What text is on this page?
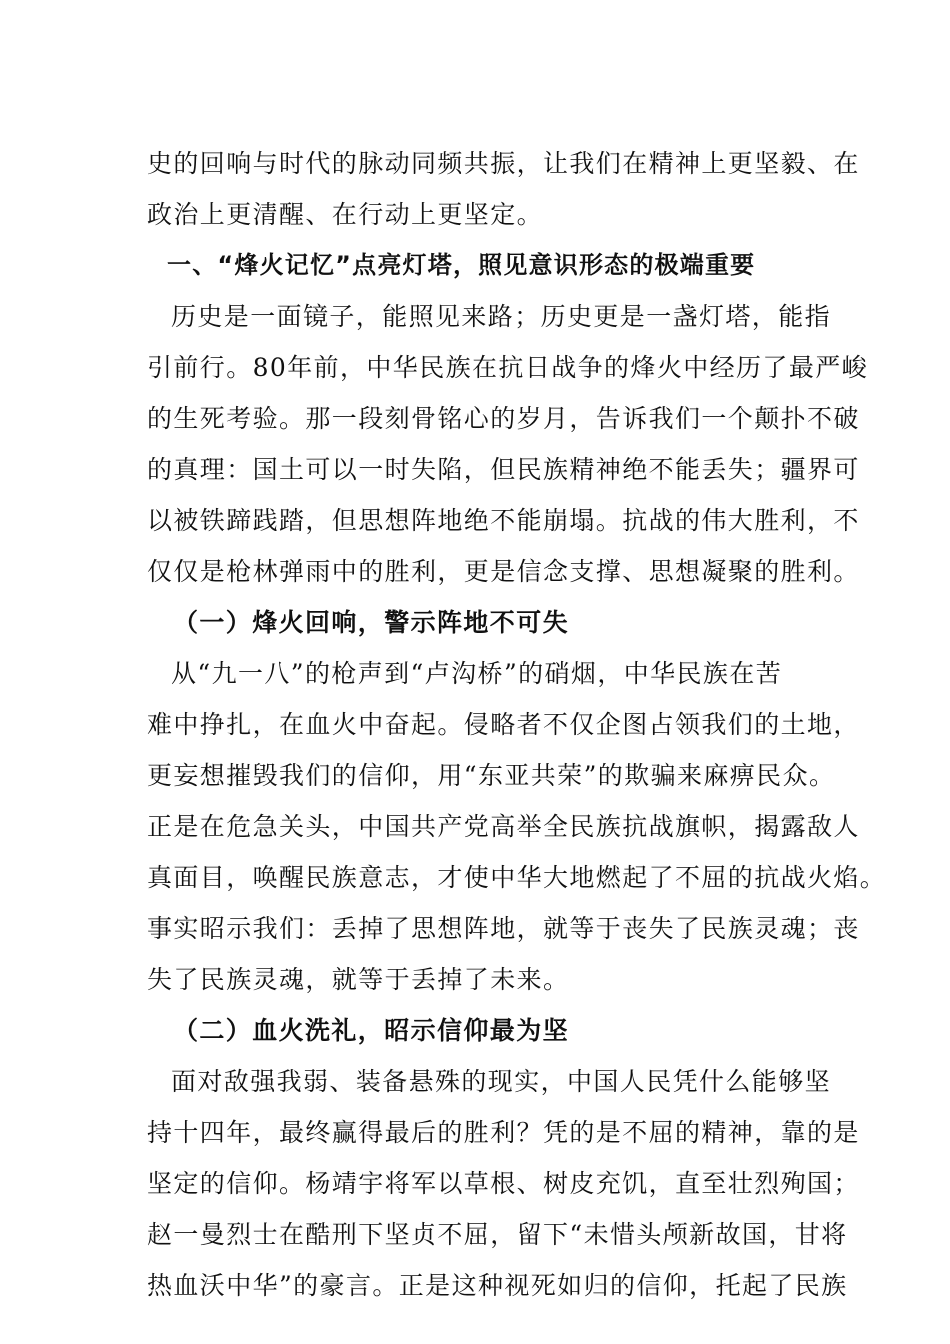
史的回响与时代的脉动同频共振，让我们在精神上更坚毅、在
政治上更清醒、在行动上更坚定。
一、“烽火记忆”点亮灯塔，照见意识形态的极端重要
历史是一面镜子，能照见来路；历史更是一盏灯塔，能指
引前行。80年前，中华民族在抗日战争的烽火中经历了最严峻
的生死考验。那一段刻骨铭心的岁月，告诉我们一个颠扑不破
的真理：国土可以一时失陷，但民族精神绝不能丢失；疆界可
以被铁蹄践踏，但思想阵地绝不能崩塌。抗战的伟大胜利，不
仅仅是枪林弹雨中的胜利，更是信念支撑、思想凝聚的胜利。
（一）烽火回响，警示阵地不可失
从“九一八”的枪声到“卢沟桥”的硝烟，中华民族在苦
难中挣扎，在血火中奋起。侵略者不仅企图占领我们的土地，
更妄想摧毁我们的信仰，用“东亚共荣”的欺骗来麻痹民众。
正是在危急关头，中国共产党高举全民族抗战旗帜，揭露敌人
真面目，唤醒民族意志，才使中华大地燃起了不屈的抗战火焰。
事实昭示我们：丢掉了思想阵地，就等于丧失了民族灵魂；丧
失了民族灵魂，就等于丢掉了未来。
（二）血火洗礼，昭示信仰最为坚
面对敌强我弱、装备悬殊的现实，中国人民凭什么能够坚
持十四年，最终赢得最后的胜利？凭的是不屈的精神，靠的是
坚定的信仰。杨靖宇将军以草根、树皮充饥，直至壮烈殉国；
赵一曼烈士在酷刑下坚贞不屈，留下“未惜头颅新故国，甘将
热血沃中华”的豪言。正是这种视死如归的信仰，托起了民族
